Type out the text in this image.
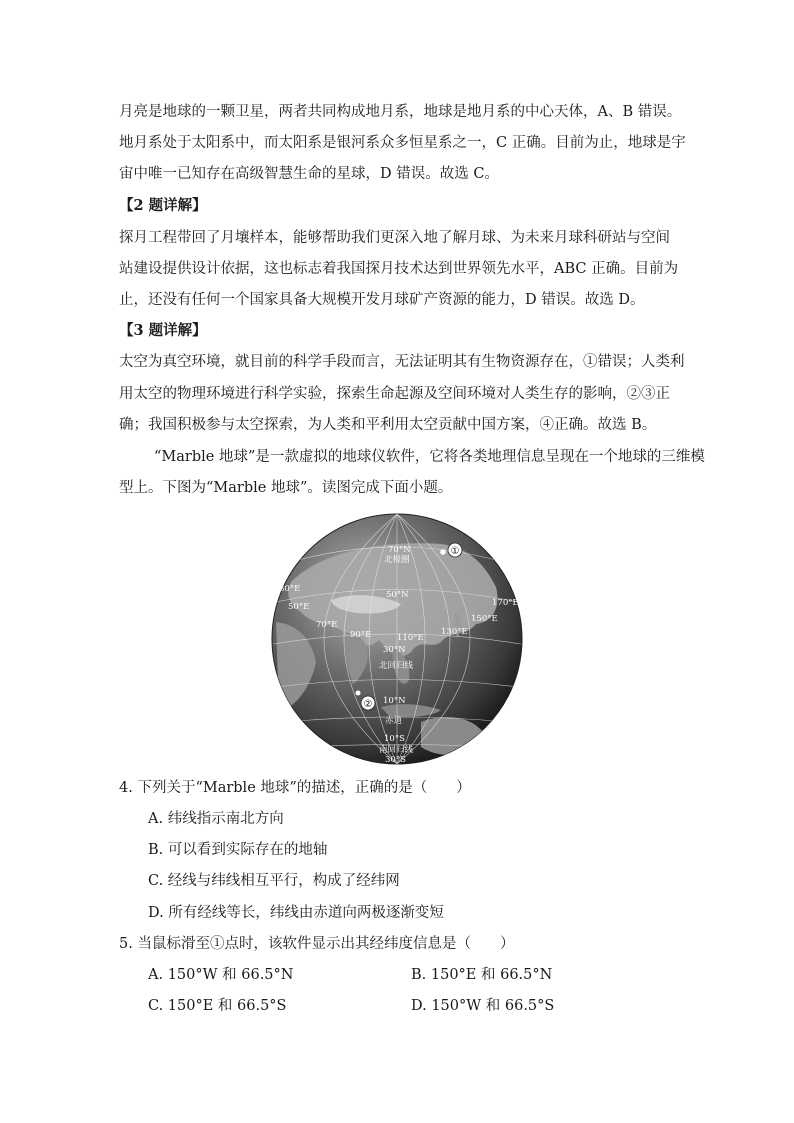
月亮是地球的一颗卫星，两者共同构成地月系，地球是地月系的中心天体，A、B 错误。
地月系处于太阳系中，而太阳系是银河系众多恒星系之一，C 正确。目前为止，地球是宇
宙中唯一已知存在高级智慧生命的星球，D 错误。故选 C。
【2 题详解】
探月工程带回了月壤样本，能够帮助我们更深入地了解月球、为未来月球科研站与空间
站建设提供设计依据，这也标志着我国探月技术达到世界领先水平，ABC 正确。目前为
止，还没有任何一个国家具备大规模开发月球矿产资源的能力，D 错误。故选 D。
【3 题详解】
太空为真空环境，就目前的科学手段而言，无法证明其有生物资源存在，①错误；人类利
用太空的物理环境进行科学实验，探索生命起源及空间环境对人类生存的影响，②③正
确；我国积极参与太空探索，为人类和平利用太空贡献中国方案，④正确。故选 B。
“Marble 地球”是一款虚拟的地球仪软件，它将各类地理信息呈现在一个地球的三维模
型上。下图为“Marble 地球”。读图完成下面小题。
70°N
北极圈
①
30°E
50°E
50°N
70°E
90°E	110°E
130°E
150°E
170°E
30°N
北回归线
② 10°N
赤道
10°S
南回归线
30°S
4. 下列关于“Marble 地球”的描述，正确的是（　　）
A. 纬线指示南北方向
B. 可以看到实际存在的地轴
C. 经线与纬线相互平行，构成了经纬网
D. 所有经线等长，纬线由赤道向两极逐渐变短
5. 当鼠标滑至①点时，该软件显示出其经纬度信息是（　　）
A. 150°W 和 66.5°N	B. 150°E 和 66.5°N
C. 150°E 和 66.5°S	D. 150°W 和 66.5°S
